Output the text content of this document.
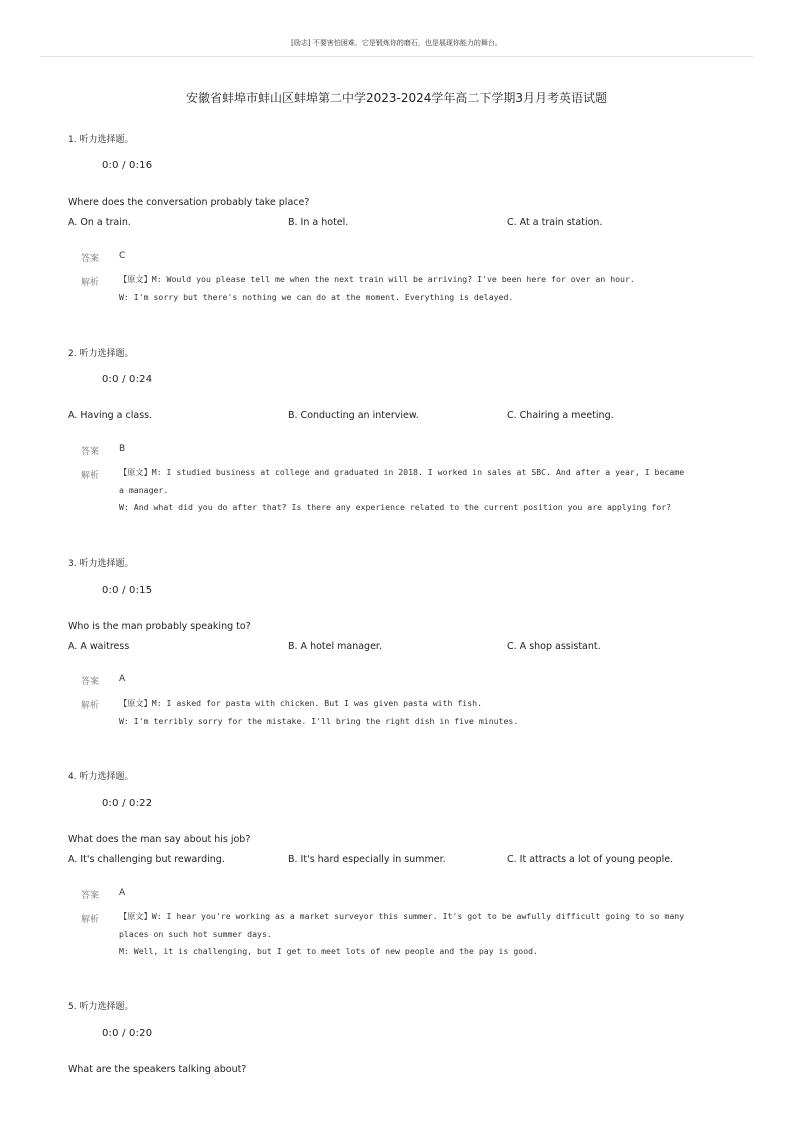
[励志] 不要害怕困难，它是锻炼你的磨石，也是展现你能力的舞台。
安徽省蚌埠市蚌山区蚌埠第二中学2023-2024学年高二下学期3月月考英语试题
1. 听力选择题。
0:0 / 0:16
Where does the conversation probably take place?
A. On a train.	B. In a hotel.	C. At a train station.
答案 C
解析 【原文】M: Would you please tell me when the next train will be arriving? I've been here for over an hour.

W: I'm sorry but there's nothing we can do at the moment. Everything is delayed.

2. 听力选择题。
0:0 / 0:24
A. Having a class.	B. Conducting an interview.	C. Chairing a meeting.
答案 B
解析 【原文】M: I studied business at college and graduated in 2018. I worked in sales at SBC. And after a year, I became

a manager.

W: And what did you do after that? Is there any experience related to the current position you are applying for?

3. 听力选择题。
0:0 / 0:15
Who is the man probably speaking to?
A. A waitress	B. A hotel manager.	C. A shop assistant.
答案 A
解析 【原文】M: I asked for pasta with chicken. But I was given pasta with fish.

W: I'm terribly sorry for the mistake. I'll bring the right dish in five minutes.

4. 听力选择题。
0:0 / 0:22
What does the man say about his job?
A. It's challenging but rewarding.	B. It's hard especially in summer.	C. It attracts a lot of young people.
答案 A
解析 【原文】W: I hear you're working as a market surveyor this summer. It's got to be awfully difficult going to so many

places on such hot summer days.

M: Well, it is challenging, but I get to meet lots of new people and the pay is good.

5. 听力选择题。
0:0 / 0:20
What are the speakers talking about?
